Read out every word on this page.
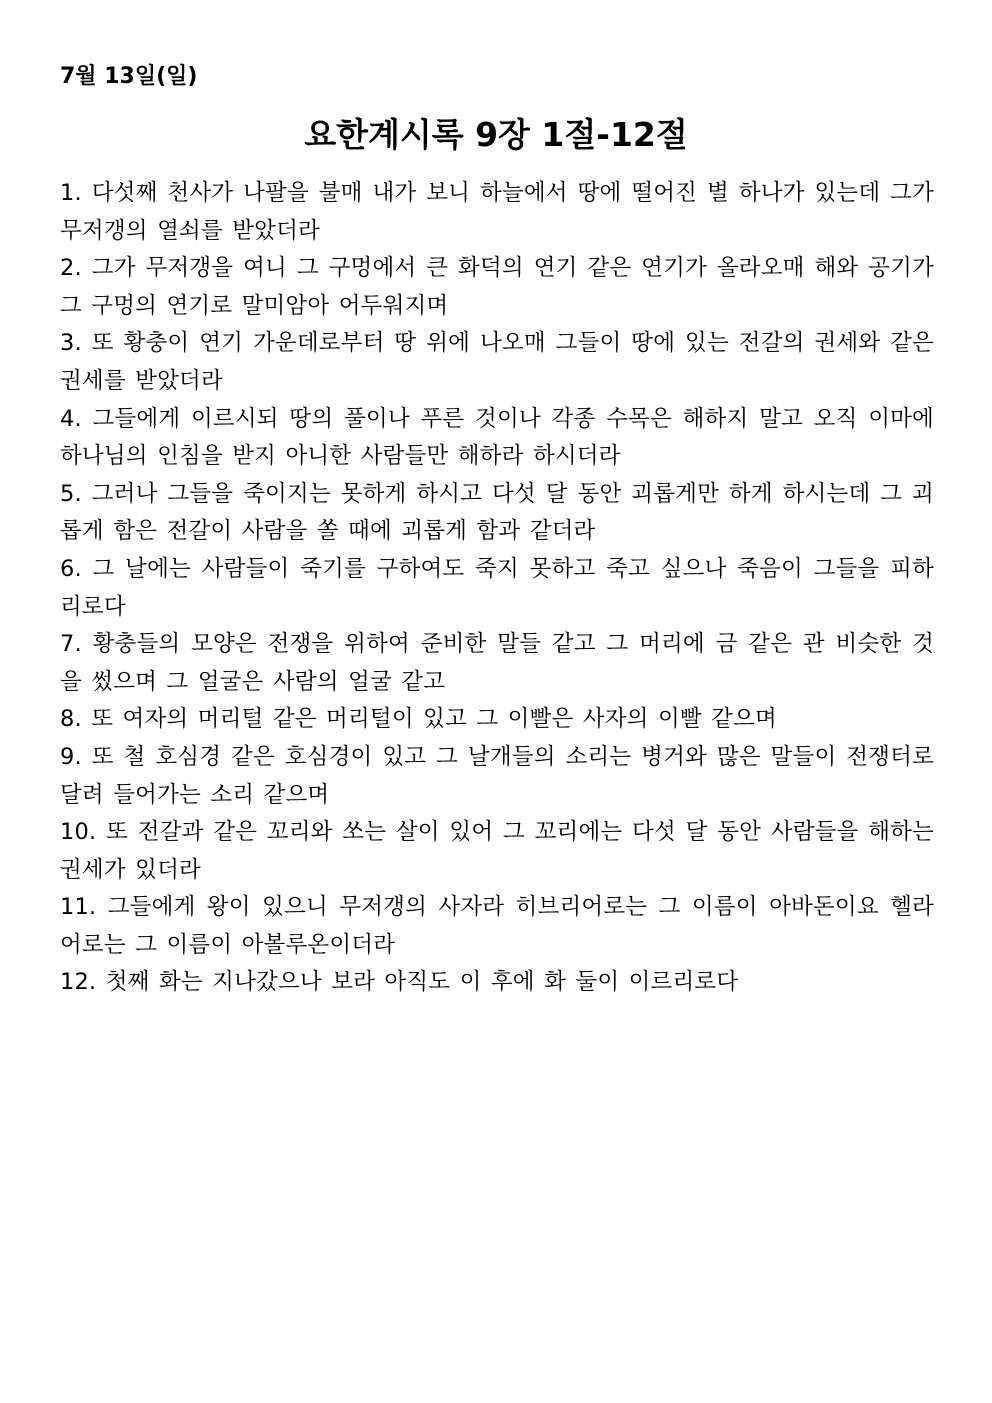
7월 13일(일)
요한계시록 9장 1절-12절
1. 다섯째 천사가 나팔을 불매 내가 보니 하늘에서 땅에 떨어진 별 하나가 있는데 그가 무저갱의 열쇠를 받았더라
2. 그가 무저갱을 여니 그 구멍에서 큰 화덕의 연기 같은 연기가 올라오매 해와 공기가 그 구멍의 연기로 말미암아 어두워지며
3. 또 황충이 연기 가운데로부터 땅 위에 나오매 그들이 땅에 있는 전갈의 권세와 같은 권세를 받았더라
4. 그들에게 이르시되 땅의 풀이나 푸른 것이나 각종 수목은 해하지 말고 오직 이마에 하나님의 인침을 받지 아니한 사람들만 해하라 하시더라
5. 그러나 그들을 죽이지는 못하게 하시고 다섯 달 동안 괴롭게만 하게 하시는데 그 괴롭게 함은 전갈이 사람을 쏠 때에 괴롭게 함과 같더라
6. 그 날에는 사람들이 죽기를 구하여도 죽지 못하고 죽고 싶으나 죽음이 그들을 피하리로다
7. 황충들의 모양은 전쟁을 위하여 준비한 말들 같고 그 머리에 금 같은 관 비슷한 것을 썼으며 그 얼굴은 사람의 얼굴 같고
8. 또 여자의 머리털 같은 머리털이 있고 그 이빨은 사자의 이빨 같으며
9. 또 철 호심경 같은 호심경이 있고 그 날개들의 소리는 병거와 많은 말들이 전쟁터로 달려 들어가는 소리 같으며
10. 또 전갈과 같은 꼬리와 쏘는 살이 있어 그 꼬리에는 다섯 달 동안 사람들을 해하는 권세가 있더라
11. 그들에게 왕이 있으니 무저갱의 사자라 히브리어로는 그 이름이 아바돈이요 헬라어로는 그 이름이 아볼루온이더라
12. 첫째 화는 지나갔으나 보라 아직도 이 후에 화 둘이 이르리로다
